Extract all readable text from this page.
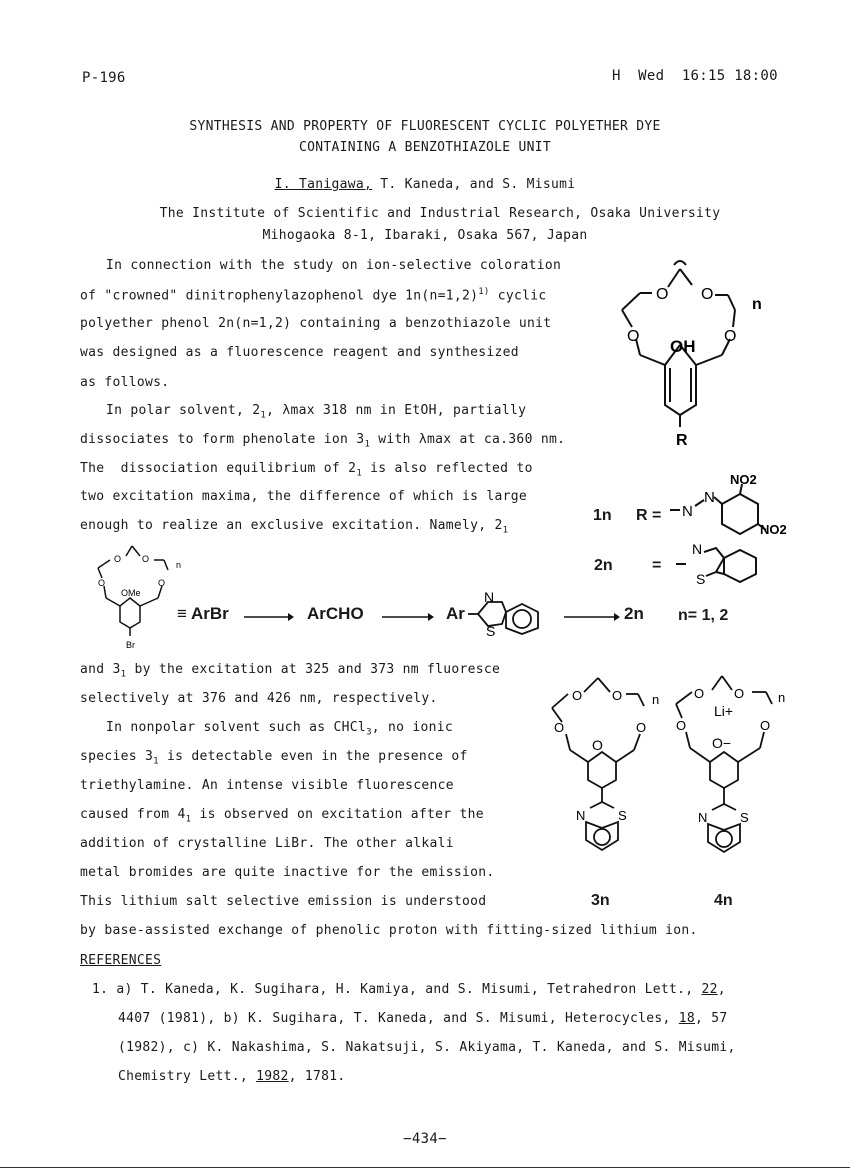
P-196	H  Wed  16:15 18:00
SYNTHESIS AND PROPERTY OF FLUORESCENT CYCLIC POLYETHER DYE
CONTAINING A BENZOTHIAZOLE UNIT
I. Tanigawa, T. Kaneda, and S. Misumi
The Institute of Scientific and Industrial Research, Osaka University
Mihogaoka 8-1, Ibaraki, Osaka 567, Japan
In connection with the study on ion-selective coloration
of "crowned" dinitrophenylazophenol dye 1n(n=1,2)$^{1)}$ cyclic
polyether phenol 2n(n=1,2) containing a benzothiazole unit
was designed as a fluorescence reagent and synthesized
as follows.
In polar solvent, $2_1$, λmax 318 nm in EtOH, partially
dissociates to form phenolate ion $3_1$ with λmax at ca.360 nm.
The  dissociation equilibrium of $2_1$ is also reflected to
two excitation maxima, the difference of which is large
enough to realize an exclusive excitation. Namely, $2_1$
O O
O	O
OH
R
n
1n R = N
N
NO2
NO2
2n =
N
S
O O
O	O
OMe
Br
n
≡ ArBr → ArCHO → Ar
N
S
→ 2n n= 1, 2
and $3_1$ by the excitation at 325 and 373 nm fluoresce
selectively at 376 and 426 nm, respectively.
In nonpolar solvent such as CHCl$_3$, no ionic
species $3_1$ is detectable even in the presence of
triethylamine. An intense visible fluorescence
caused from $4_1$ is observed on excitation after the
addition of crystalline LiBr. The other alkali
metal bromides are quite inactive for the emission.
This lithium salt selective emission is understood
by base-assisted exchange of phenolic proton with fitting-sized lithium ion.
O O
O	O
O
n
N	S
O O
O	O
Li+
O−
n
N	S
3n	4n
REFERENCES
1. a) T. Kaneda, K. Sugihara, H. Kamiya, and S. Misumi, Tetrahedron Lett., 22,
4407 (1981), b) K. Sugihara, T. Kaneda, and S. Misumi, Heterocycles, 18, 57
(1982), c) K. Nakashima, S. Nakatsuji, S. Akiyama, T. Kaneda, and S. Misumi,
Chemistry Lett., 1982, 1781.
−434−
